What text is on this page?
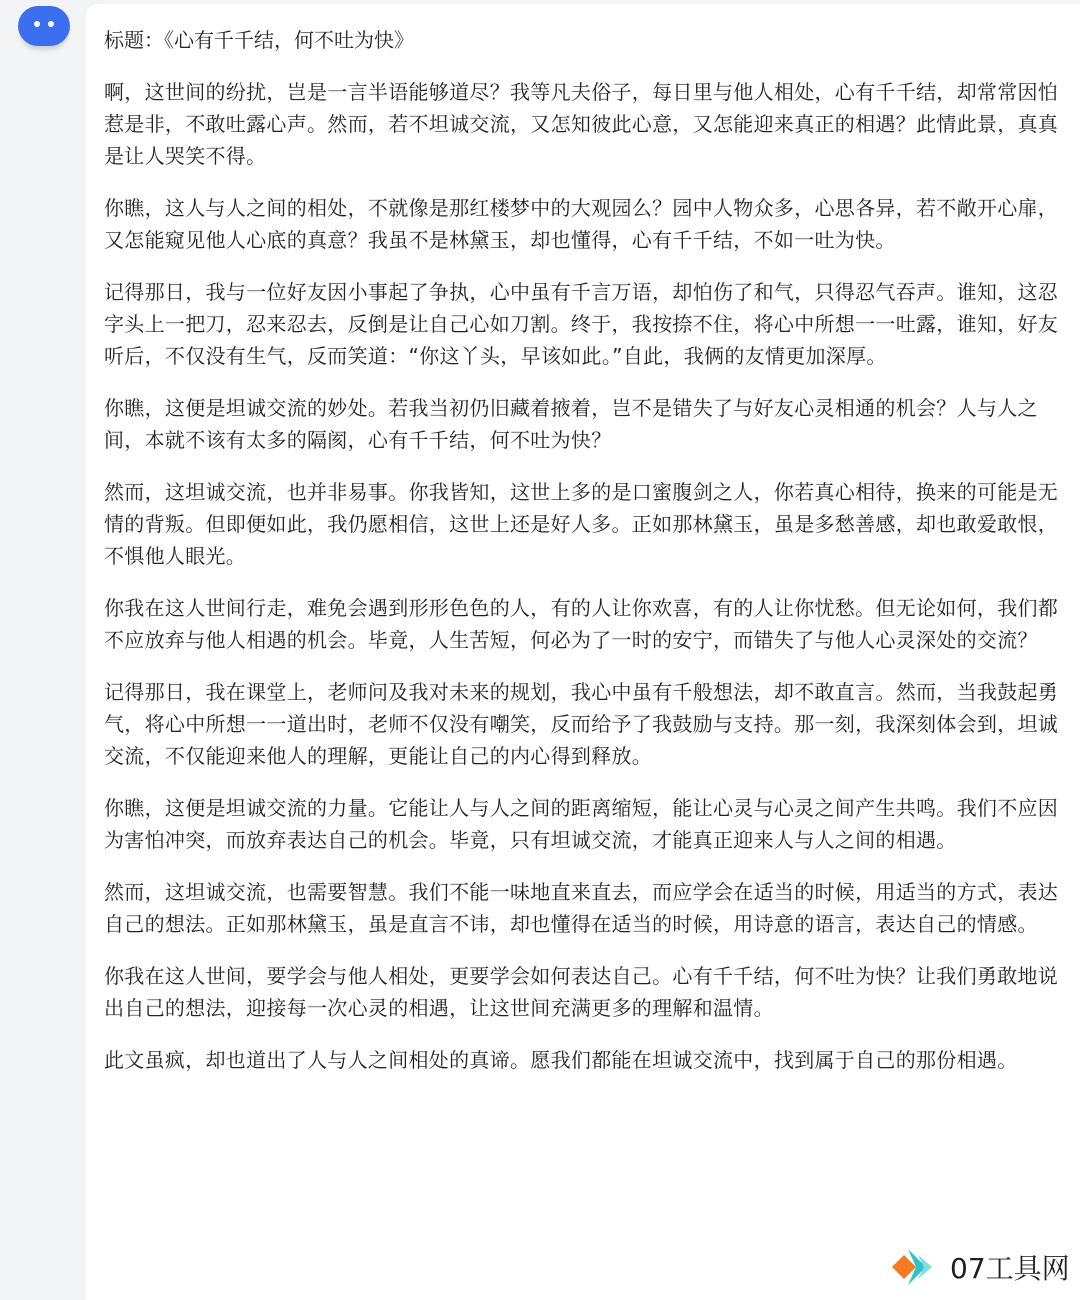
标题：《心有千千结，何不吐为快》

啊，这世间的纷扰，岂是一言半语能够道尽？我等凡夫俗子，每日里与他人相处，心有千千结，却常常因怕惹是非，不敢吐露心声。然而，若不坦诚交流，又怎知彼此心意，又怎能迎来真正的相遇？此情此景，真真是让人哭笑不得。

你瞧，这人与人之间的相处，不就像是那红楼梦中的大观园么？园中人物众多，心思各异，若不敞开心扉，又怎能窥见他人心底的真意？我虽不是林黛玉，却也懂得，心有千千结，不如一吐为快。

记得那日，我与一位好友因小事起了争执，心中虽有千言万语，却怕伤了和气，只得忍气吞声。谁知，这忍字头上一把刀，忍来忍去，反倒是让自己心如刀割。终于，我按捺不住，将心中所想一一吐露，谁知，好友听后，不仅没有生气，反而笑道：“你这丫头，早该如此。”自此，我俩的友情更加深厚。

你瞧，这便是坦诚交流的妙处。若我当初仍旧藏着掖着，岂不是错失了与好友心灵相通的机会？人与人之间，本就不该有太多的隔阂，心有千千结，何不吐为快？

然而，这坦诚交流，也并非易事。你我皆知，这世上多的是口蜜腹剑之人，你若真心相待，换来的可能是无情的背叛。但即便如此，我仍愿相信，这世上还是好人多。正如那林黛玉，虽是多愁善感，却也敢爱敢恨，不惧他人眼光。

你我在这人世间行走，难免会遇到形形色色的人，有的人让你欢喜，有的人让你忧愁。但无论如何，我们都不应放弃与他人相遇的机会。毕竟，人生苦短，何必为了一时的安宁，而错失了与他人心灵深处的交流？

记得那日，我在课堂上，老师问及我对未来的规划，我心中虽有千般想法，却不敢直言。然而，当我鼓起勇气，将心中所想一一道出时，老师不仅没有嘲笑，反而给予了我鼓励与支持。那一刻，我深刻体会到，坦诚交流，不仅能迎来他人的理解，更能让自己的内心得到释放。

你瞧，这便是坦诚交流的力量。它能让人与人之间的距离缩短，能让心灵与心灵之间产生共鸣。我们不应因为害怕冲突，而放弃表达自己的机会。毕竟，只有坦诚交流，才能真正迎来人与人之间的相遇。

然而，这坦诚交流，也需要智慧。我们不能一味地直来直去，而应学会在适当的时候，用适当的方式，表达自己的想法。正如那林黛玉，虽是直言不讳，却也懂得在适当的时候，用诗意的语言，表达自己的情感。

你我在这人世间，要学会与他人相处，更要学会如何表达自己。心有千千结，何不吐为快？让我们勇敢地说出自己的想法，迎接每一次心灵的相遇，让这世间充满更多的理解和温情。

此文虽疯，却也道出了人与人之间相处的真谛。愿我们都能在坦诚交流中，找到属于自己的那份相遇。

07工具网
